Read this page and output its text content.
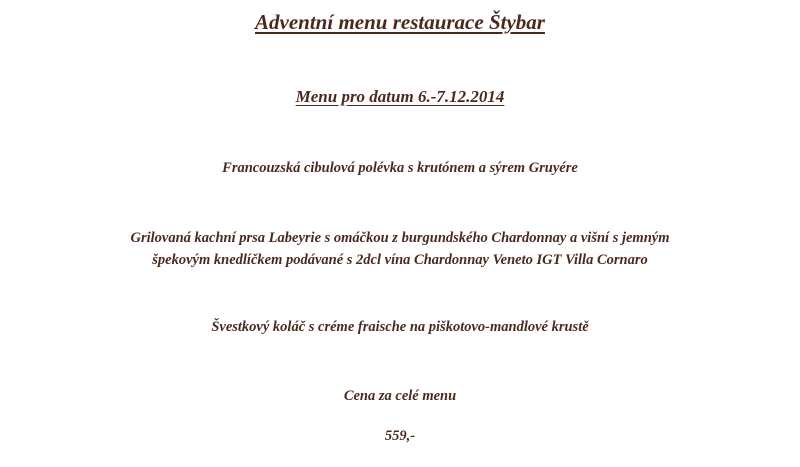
Adventní menu restaurace Štybar
Menu pro datum 6.-7.12.2014
Francouzská cibulová polévka s krutónem a sýrem Gruyére
Grilovaná kachní prsa Labeyrie s omáčkou z burgundského Chardonnay a višní s jemným
špekovým knedlíčkem podávané s 2dcl vína Chardonnay Veneto IGT Villa Cornaro
Švestkový koláč s créme fraische na piškotovo-mandlové krustě
Cena za celé menu
559,-
